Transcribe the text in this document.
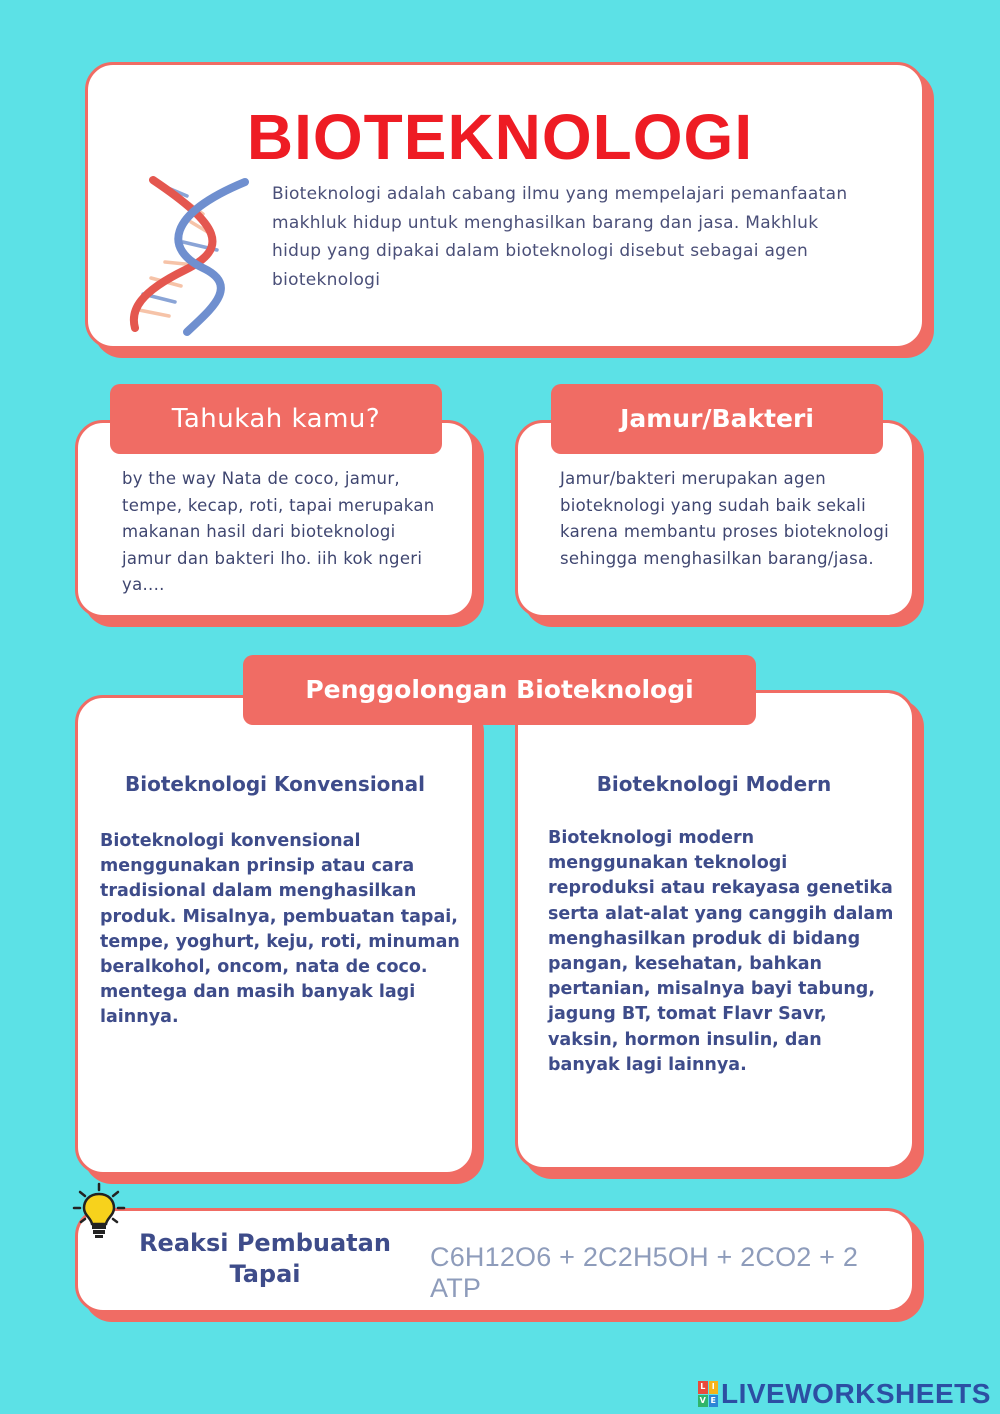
BIOTEKNOLOGI
Bioteknologi adalah cabang ilmu yang mempelajari pemanfaatan makhluk hidup untuk menghasilkan barang dan jasa. Makhluk hidup yang dipakai dalam bioteknologi disebut sebagai agen bioteknologi
Tahukah kamu?
by the way Nata de coco, jamur, tempe, kecap, roti, tapai merupakan makanan hasil dari bioteknologi jamur dan bakteri lho. iih kok ngeri ya....
Jamur/Bakteri
Jamur/bakteri merupakan agen bioteknologi yang sudah baik sekali karena membantu proses bioteknologi sehingga menghasilkan barang/jasa.
Penggolongan Bioteknologi
Bioteknologi Konvensional
Bioteknologi konvensional menggunakan prinsip atau cara tradisional dalam menghasilkan produk. Misalnya, pembuatan tapai, tempe, yoghurt, keju, roti, minuman beralkohol, oncom, nata de coco. mentega dan masih banyak lagi lainnya.
Bioteknologi Modern
Bioteknologi modern menggunakan teknologi reproduksi atau rekayasa genetika serta alat-alat yang canggih dalam menghasilkan produk di bidang pangan, kesehatan, bahkan pertanian, misalnya bayi tabung, jagung BT, tomat Flavr Savr, vaksin, hormon insulin, dan banyak lagi lainnya.
Reaksi Pembuatan Tapai
C6H12O6 + 2C2H5OH + 2CO2 + 2 ATP
L I
V E LIVEWORKSHEETS
